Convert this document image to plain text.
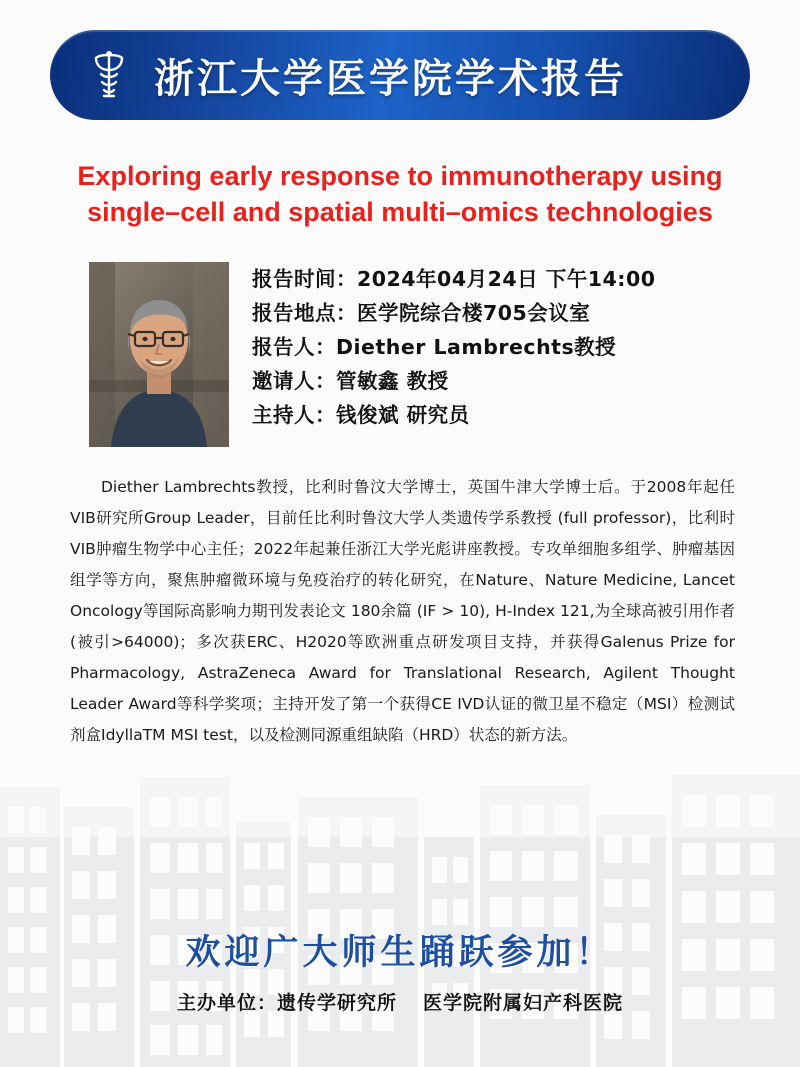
浙江大学医学院学术报告
Exploring early response to immunotherapy using
single–cell and spatial multi–omics technologies
报告时间：2024年04月24日 下午14:00
报告地点：医学院综合楼705会议室
报告人：Diether Lambrechts教授
邀请人：管敏鑫 教授
主持人：钱俊斌 研究员
Diether Lambrechts教授，比利时鲁汶大学博士，英国牛津大学博士后。于2008年起任VIB研究所Group Leader，目前任比利时鲁汶大学人类遗传学系教授 (full professor)，比利时VIB肿瘤生物学中心主任；2022年起兼任浙江大学光彪讲座教授。专攻单细胞多组学、肿瘤基因组学等方向，聚焦肿瘤微环境与免疫治疗的转化研究，在Nature、Nature Medicine, Lancet Oncology等国际高影响力期刊发表论文 180余篇 (IF > 10), H-Index 121,为全球高被引用作者 (被引>64000)；多次获ERC、H2020等欧洲重点研发项目支持，并获得Galenus Prize for Pharmacology, AstraZeneca Award for Translational Research, Agilent Thought Leader Award等科学奖项；主持开发了第一个获得CE IVD认证的微卫星不稳定（MSI）检测试剂盒IdyllaTM MSI test，以及检测同源重组缺陷（HRD）状态的新方法。
欢迎广大师生踊跃参加！
主办单位：遗传学研究所 医学院附属妇产科医院
